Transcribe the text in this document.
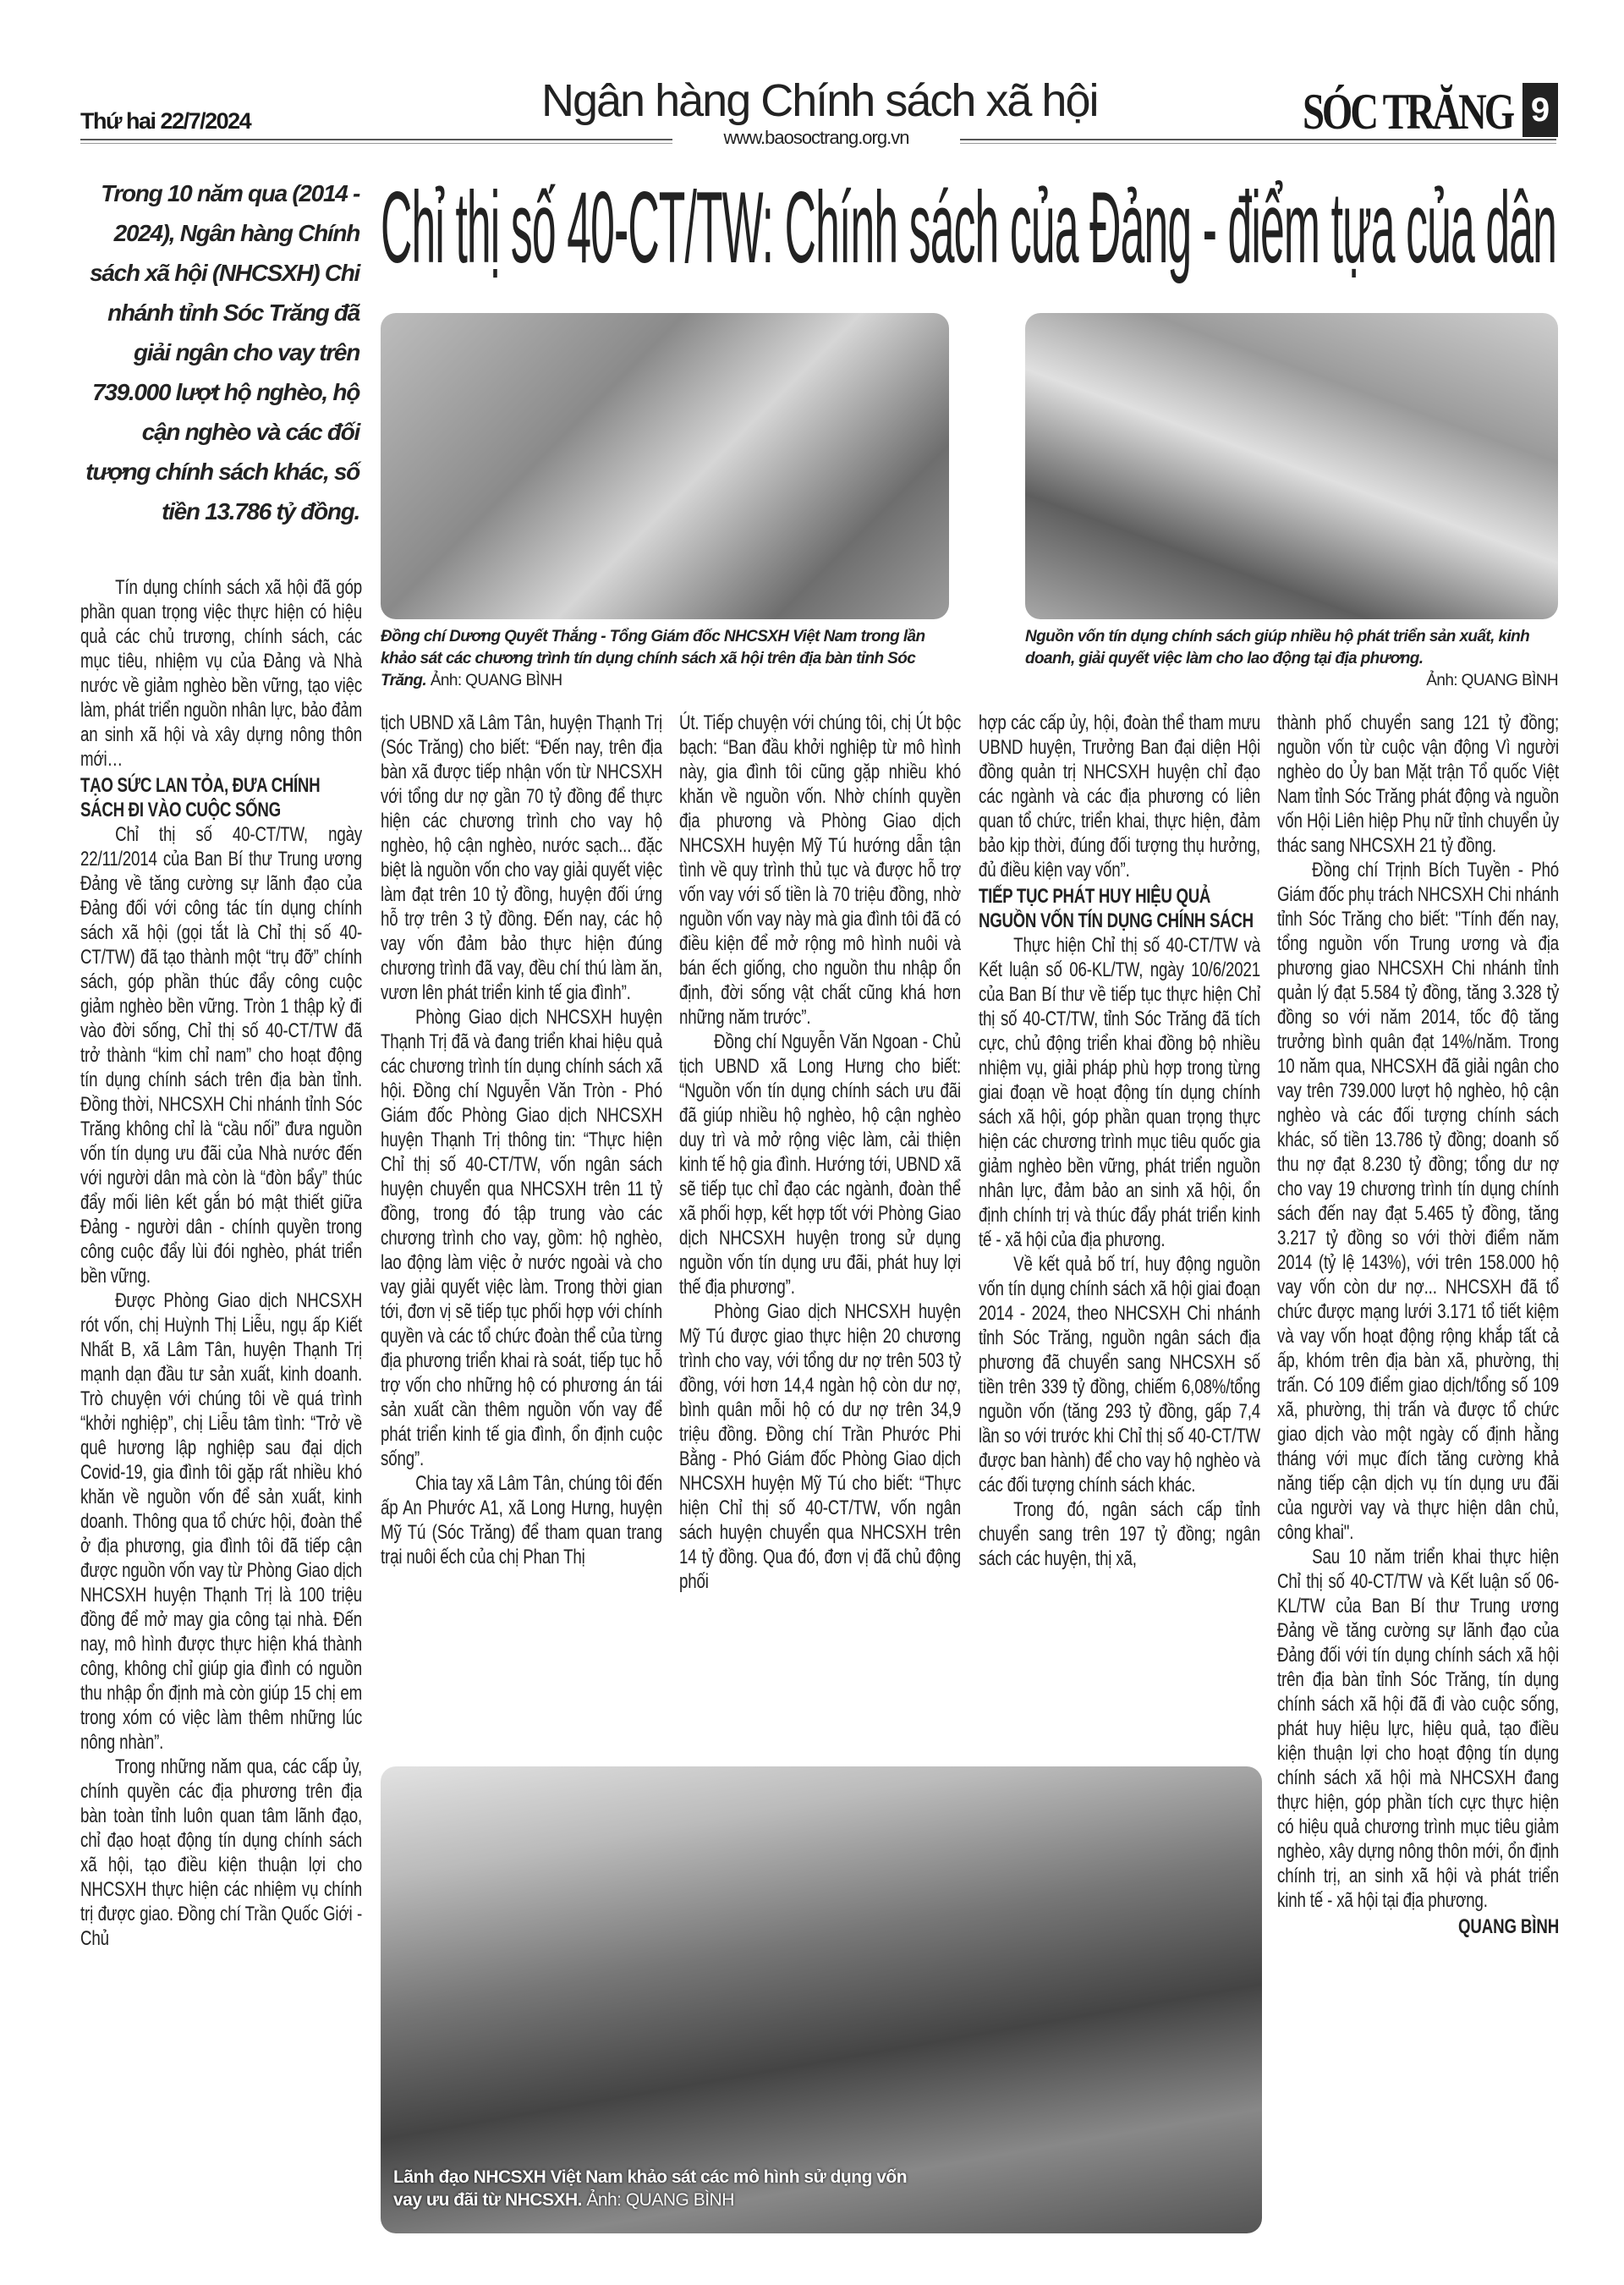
Thứ hai 22/7/2024	Ngân hàng Chính sách xã hội
www.baosoctrang.org.vn	SÓC TRĂNG 9
Trong 10 năm qua (2014 - 2024), Ngân hàng Chính sách xã hội (NHCSXH) Chi nhánh tỉnh Sóc Trăng đã giải ngân cho vay trên 739.000 lượt hộ nghèo, hộ cận nghèo và các đối tượng chính sách khác, số tiền 13.786 tỷ đồng.
Chỉ thị số 40-CT/TW: Chính sách của Đảng - điểm tựa của dân
Đồng chí Dương Quyết Thắng - Tổng Giám đốc NHCSXH Việt Nam trong lần khảo sát các chương trình tín dụng chính sách xã hội trên địa bàn tỉnh Sóc Trăng. Ảnh: QUANG BÌNH
Nguồn vốn tín dụng chính sách giúp nhiều hộ phát triển sản xuất, kinh doanh, giải quyết việc làm cho lao động tại địa phương.
Ảnh: QUANG BÌNH

Tín dụng chính sách xã hội đã góp phần quan trọng việc thực hiện có hiệu quả các chủ trương, chính sách, các mục tiêu, nhiệm vụ của Đảng và Nhà nước về giảm nghèo bền vững, tạo việc làm, phát triển nguồn nhân lực, bảo đảm an sinh xã hội và xây dựng nông thôn mới…

TẠO SỨC LAN TỎA, ĐƯA CHÍNH SÁCH ĐI VÀO CUỘC SỐNG

Chỉ thị số 40-CT/TW, ngày 22/11/2014 của Ban Bí thư Trung ương Đảng về tăng cường sự lãnh đạo của Đảng đối với công tác tín dụng chính sách xã hội (gọi tắt là Chỉ thị số 40-CT/TW) đã tạo thành một “trụ đỡ” chính sách, góp phần thúc đẩy công cuộc giảm nghèo bền vững. Tròn 1 thập kỷ đi vào đời sống, Chỉ thị số 40-CT/TW đã trở thành “kim chỉ nam” cho hoạt động tín dụng chính sách trên địa bàn tỉnh. Đồng thời, NHCSXH Chi nhánh tỉnh Sóc Trăng không chỉ là “cầu nối” đưa nguồn vốn tín dụng ưu đãi của Nhà nước đến với người dân mà còn là “đòn bẩy” thúc đẩy mối liên kết gắn bó mật thiết giữa Đảng - người dân - chính quyền trong công cuộc đẩy lùi đói nghèo, phát triển bền vững.

Được Phòng Giao dịch NHCSXH rót vốn, chị Huỳnh Thị Liễu, ngụ ấp Kiết Nhất B, xã Lâm Tân, huyện Thạnh Trị mạnh dạn đầu tư sản xuất, kinh doanh. Trò chuyện với chúng tôi về quá trình “khởi nghiệp”, chị Liễu tâm tình: “Trở về quê hương lập nghiệp sau đại dịch Covid-19, gia đình tôi gặp rất nhiều khó khăn về nguồn vốn để sản xuất, kinh doanh. Thông qua tổ chức hội, đoàn thể ở địa phương, gia đình tôi đã tiếp cận được nguồn vốn vay từ Phòng Giao dịch NHCSXH huyện Thạnh Trị là 100 triệu đồng để mở may gia công tại nhà. Đến nay, mô hình được thực hiện khá thành công, không chỉ giúp gia đình có nguồn thu nhập ổn định mà còn giúp 15 chị em trong xóm có việc làm thêm những lúc nông nhàn”.

Trong những năm qua, các cấp ủy, chính quyền các địa phương trên địa bàn toàn tỉnh luôn quan tâm lãnh đạo, chỉ đạo hoạt động tín dụng chính sách xã hội, tạo điều kiện thuận lợi cho NHCSXH thực hiện các nhiệm vụ chính trị được giao. Đồng chí Trần Quốc Giới - Chủ

tịch UBND xã Lâm Tân, huyện Thạnh Trị (Sóc Trăng) cho biết: “Đến nay, trên địa bàn xã được tiếp nhận vốn từ NHCSXH với tổng dư nợ gần 70 tỷ đồng để thực hiện các chương trình cho vay hộ nghèo, hộ cận nghèo, nước sạch... đặc biệt là nguồn vốn cho vay giải quyết việc làm đạt trên 10 tỷ đồng, huyện đối ứng hỗ trợ trên 3 tỷ đồng. Đến nay, các hộ vay vốn đảm bảo thực hiện đúng chương trình đã vay, đều chí thú làm ăn, vươn lên phát triển kinh tế gia đình”.

Phòng Giao dịch NHCSXH huyện Thạnh Trị đã và đang triển khai hiệu quả các chương trình tín dụng chính sách xã hội. Đồng chí Nguyễn Văn Tròn - Phó Giám đốc Phòng Giao dịch NHCSXH huyện Thạnh Trị thông tin: “Thực hiện Chỉ thị số 40-CT/TW, vốn ngân sách huyện chuyển qua NHCSXH trên 11 tỷ đồng, trong đó tập trung vào các chương trình cho vay, gồm: hộ nghèo, lao động làm việc ở nước ngoài và cho vay giải quyết việc làm. Trong thời gian tới, đơn vị sẽ tiếp tục phối hợp với chính quyền và các tổ chức đoàn thể của từng địa phương triển khai rà soát, tiếp tục hỗ trợ vốn cho những hộ có phương án tái sản xuất cần thêm nguồn vốn vay để phát triển kinh tế gia đình, ổn định cuộc sống”.

Chia tay xã Lâm Tân, chúng tôi đến ấp An Phước A1, xã Long Hưng, huyện Mỹ Tú (Sóc Trăng) để tham quan trang trại nuôi ếch của chị Phan Thị

Út. Tiếp chuyện với chúng tôi, chị Út bộc bạch: “Ban đầu khởi nghiệp từ mô hình này, gia đình tôi cũng gặp nhiều khó khăn về nguồn vốn. Nhờ chính quyền địa phương và Phòng Giao dịch NHCSXH huyện Mỹ Tú hướng dẫn tận tình về quy trình thủ tục và được hỗ trợ vốn vay với số tiền là 70 triệu đồng, nhờ nguồn vốn vay này mà gia đình tôi đã có điều kiện để mở rộng mô hình nuôi và bán ếch giống, cho nguồn thu nhập ổn định, đời sống vật chất cũng khá hơn những năm trước”.

Đồng chí Nguyễn Văn Ngoan - Chủ tịch UBND xã Long Hưng cho biết: “Nguồn vốn tín dụng chính sách ưu đãi đã giúp nhiều hộ nghèo, hộ cận nghèo duy trì và mở rộng việc làm, cải thiện kinh tế hộ gia đình. Hướng tới, UBND xã sẽ tiếp tục chỉ đạo các ngành, đoàn thể xã phối hợp, kết hợp tốt với Phòng Giao dịch NHCSXH huyện trong sử dụng nguồn vốn tín dụng ưu đãi, phát huy lợi thế địa phương”.

Phòng Giao dịch NHCSXH huyện Mỹ Tú được giao thực hiện 20 chương trình cho vay, với tổng dư nợ trên 503 tỷ đồng, với hơn 14,4 ngàn hộ còn dư nợ, bình quân mỗi hộ có dư nợ trên 34,9 triệu đồng. Đồng chí Trần Phước Phi Bằng - Phó Giám đốc Phòng Giao dịch NHCSXH huyện Mỹ Tú cho biết: “Thực hiện Chỉ thị số 40-CT/TW, vốn ngân sách huyện chuyển qua NHCSXH trên 14 tỷ đồng. Qua đó, đơn vị đã chủ động phối

hợp các cấp ủy, hội, đoàn thể tham mưu UBND huyện, Trưởng Ban đại diện Hội đồng quản trị NHCSXH huyện chỉ đạo các ngành và các địa phương có liên quan tổ chức, triển khai, thực hiện, đảm bảo kịp thời, đúng đối tượng thụ hưởng, đủ điều kiện vay vốn”.

TIẾP TỤC PHÁT HUY HIỆU QUẢ NGUỒN VỐN TÍN DỤNG CHÍNH SÁCH

Thực hiện Chỉ thị số 40-CT/TW và Kết luận số 06-KL/TW, ngày 10/6/2021 của Ban Bí thư về tiếp tục thực hiện Chỉ thị số 40-CT/TW, tỉnh Sóc Trăng đã tích cực, chủ động triển khai đồng bộ nhiều nhiệm vụ, giải pháp phù hợp trong từng giai đoạn về hoạt động tín dụng chính sách xã hội, góp phần quan trọng thực hiện các chương trình mục tiêu quốc gia giảm nghèo bền vững, phát triển nguồn nhân lực, đảm bảo an sinh xã hội, ổn định chính trị và thúc đẩy phát triển kinh tế - xã hội của địa phương.

Về kết quả bố trí, huy động nguồn vốn tín dụng chính sách xã hội giai đoạn 2014 - 2024, theo NHCSXH Chi nhánh tỉnh Sóc Trăng, nguồn ngân sách địa phương đã chuyển sang NHCSXH số tiền trên 339 tỷ đồng, chiếm 6,08%/tổng nguồn vốn (tăng 293 tỷ đồng, gấp 7,4 lần so với trước khi Chỉ thị số 40-CT/TW được ban hành) để cho vay hộ nghèo và các đối tượng chính sách khác.

Trong đó, ngân sách cấp tỉnh chuyển sang trên 197 tỷ đồng; ngân sách các huyện, thị xã,

thành phố chuyển sang 121 tỷ đồng; nguồn vốn từ cuộc vận động Vì người nghèo do Ủy ban Mặt trận Tổ quốc Việt Nam tỉnh Sóc Trăng phát động và nguồn vốn Hội Liên hiệp Phụ nữ tỉnh chuyển ủy thác sang NHCSXH 21 tỷ đồng.

Đồng chí Trịnh Bích Tuyền - Phó Giám đốc phụ trách NHCSXH Chi nhánh tỉnh Sóc Trăng cho biết: "Tính đến nay, tổng nguồn vốn Trung ương và địa phương giao NHCSXH Chi nhánh tỉnh quản lý đạt 5.584 tỷ đồng, tăng 3.328 tỷ đồng so với năm 2014, tốc độ tăng trưởng bình quân đạt 14%/năm. Trong 10 năm qua, NHCSXH đã giải ngân cho vay trên 739.000 lượt hộ nghèo, hộ cận nghèo và các đối tượng chính sách khác, số tiền 13.786 tỷ đồng; doanh số thu nợ đạt 8.230 tỷ đồng; tổng dư nợ cho vay 19 chương trình tín dụng chính sách đến nay đạt 5.465 tỷ đồng, tăng 3.217 tỷ đồng so với thời điểm năm 2014 (tỷ lệ 143%), với trên 158.000 hộ vay vốn còn dư nợ... NHCSXH đã tổ chức được mạng lưới 3.171 tổ tiết kiệm và vay vốn hoạt động rộng khắp tất cả ấp, khóm trên địa bàn xã, phường, thị trấn. Có 109 điểm giao dịch/tổng số 109 xã, phường, thị trấn và được tổ chức giao dịch vào một ngày cố định hằng tháng với mục đích tăng cường khả năng tiếp cận dịch vụ tín dụng ưu đãi của người vay và thực hiện dân chủ, công khai".

Sau 10 năm triển khai thực hiện Chỉ thị số 40-CT/TW và Kết luận số 06-KL/TW của Ban Bí thư Trung ương Đảng về tăng cường sự lãnh đạo của Đảng đối với tín dụng chính sách xã hội trên địa bàn tỉnh Sóc Trăng, tín dụng chính sách xã hội đã đi vào cuộc sống, phát huy hiệu lực, hiệu quả, tạo điều kiện thuận lợi cho hoạt động tín dụng chính sách xã hội mà NHCSXH đang thực hiện, góp phần tích cực thực hiện có hiệu quả chương trình mục tiêu giảm nghèo, xây dựng nông thôn mới, ổn định chính trị, an sinh xã hội và phát triển kinh tế - xã hội tại địa phương.

QUANG BÌNH
Lãnh đạo NHCSXH Việt Nam khảo sát các mô hình sử dụng vốn vay ưu đãi từ NHCSXH. Ảnh: QUANG BÌNH
